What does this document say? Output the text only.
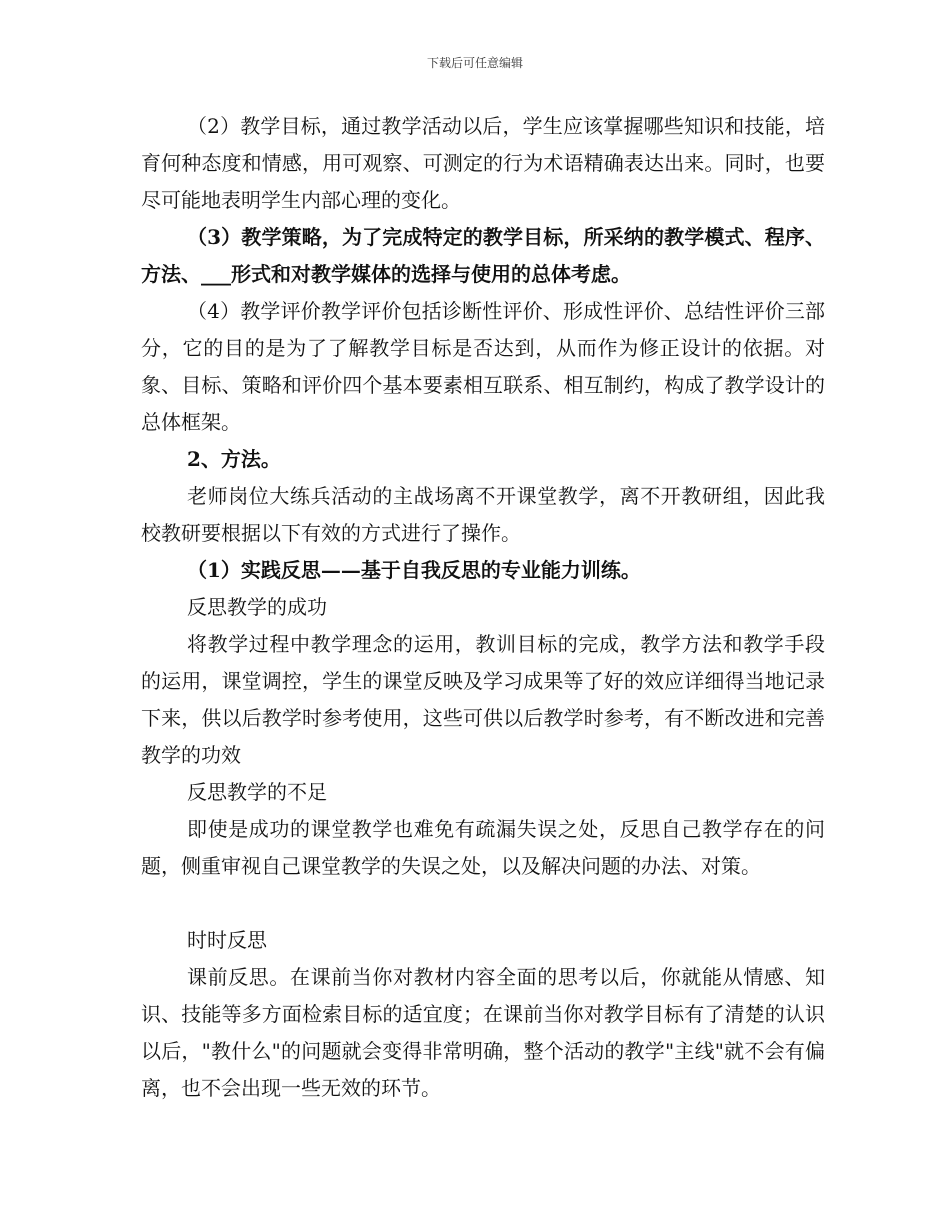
下载后可任意编辑

（2）教学目标，通过教学活动以后，学生应该掌握哪些知识和技能，培育何种态度和情感，用可观察、可测定的行为术语精确表达出来。同时，也要尽可能地表明学生内部心理的变化。

（3）教学策略，为了完成特定的教学目标，所采纳的教学模式、程序、方法、___形式和对教学媒体的选择与使用的总体考虑。

（4）教学评价教学评价包括诊断性评价、形成性评价、总结性评价三部分，它的目的是为了了解教学目标是否达到，从而作为修正设计的依据。对象、目标、策略和评价四个基本要素相互联系、相互制约，构成了教学设计的总体框架。

2、方法。

老师岗位大练兵活动的主战场离不开课堂教学，离不开教研组，因此我校教研要根据以下有效的方式进行了操作。

（1）实践反思——基于自我反思的专业能力训练。

反思教学的成功

将教学过程中教学理念的运用，教训目标的完成，教学方法和教学手段的运用，课堂调控，学生的课堂反映及学习成果等了好的效应详细得当地记录下来，供以后教学时参考使用，这些可供以后教学时参考，有不断改进和完善教学的功效

反思教学的不足

即使是成功的课堂教学也难免有疏漏失误之处，反思自己教学存在的问题，侧重审视自己课堂教学的失误之处，以及解决问题的办法、对策。

时时反思

课前反思。在课前当你对教材内容全面的思考以后，你就能从情感、知识、技能等多方面检索目标的适宜度；在课前当你对教学目标有了清楚的认识以后，"教什么"的问题就会变得非常明确，整个活动的教学"主线"就不会有偏离，也不会出现一些无效的环节。
